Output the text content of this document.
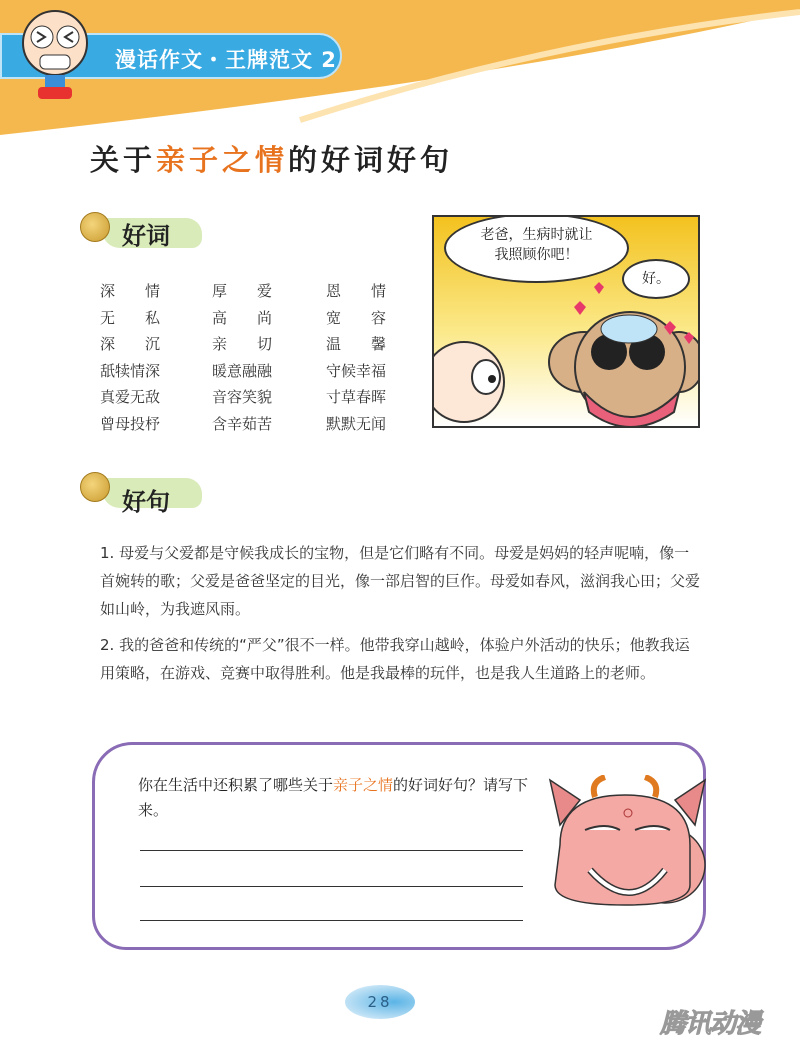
漫话作文・王牌范文 2
关于亲子之情的好词好句
好词
深　　情	厚　　爱	恩　　情
无　　私	高　　尚	宽　　容
深　　沉	亲　　切	温　　馨
舐犊情深	暖意融融	守候幸福
真爱无敌	音容笑貌	寸草春晖
曾母投杼	含辛茹苦	默默无闻
老爸，生病时就让我照顾你吧！
好。
好句
1. 母爱与父爱都是守候我成长的宝物，但是它们略有不同。母爱是妈妈的轻声呢喃，像一首婉转的歌；父爱是爸爸坚定的目光，像一部启智的巨作。母爱如春风，滋润我心田；父爱如山岭，为我遮风雨。
2. 我的爸爸和传统的“严父”很不一样。他带我穿山越岭，体验户外活动的快乐；他教我运用策略，在游戏、竞赛中取得胜利。他是我最棒的玩伴，也是我人生道路上的老师。
你在生活中还积累了哪些关于亲子之情的好词好句？请写下来。
28
腾讯动漫
